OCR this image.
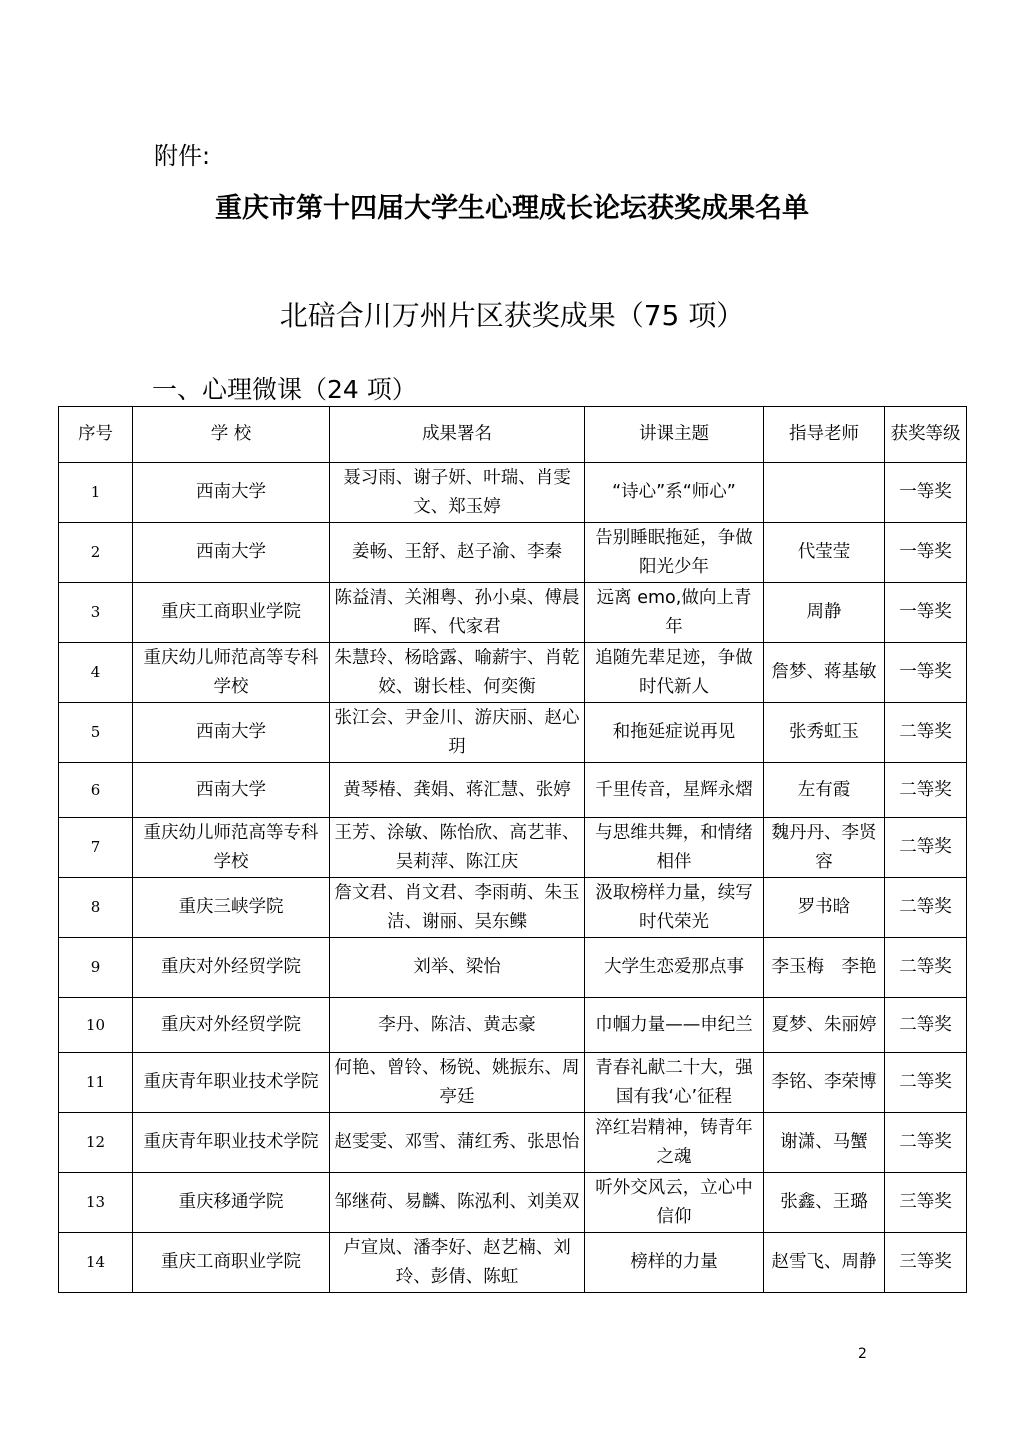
附件:
重庆市第十四届大学生心理成长论坛获奖成果名单
北碚合川万州片区获奖成果（75 项）
一、心理微课（24 项）
序号	学 校	成果署名	讲课主题	指导老师	获奖等级
1	西南大学	聂习雨、谢子妍、叶瑞、肖雯文、郑玉婷	“诗心”系“师心”		一等奖
2	西南大学	姜畅、王舒、赵子渝、李秦	告别睡眠拖延，争做阳光少年	代莹莹	一等奖
3	重庆工商职业学院	陈益清、关湘粤、孙小桌、傅晨晖、代家君	远离 emo,做向上青年	周静	一等奖
4	重庆幼儿师范高等专科学校	朱慧玲、杨晗露、喻薪宇、肖乾姣、谢长桂、何奕衡	追随先辈足迹，争做时代新人	詹梦、蒋基敏	一等奖
5	西南大学	张江会、尹金川、游庆丽、赵心玥	和拖延症说再见	张秀虹玉	二等奖
6	西南大学	黄琴椿、龚娟、蒋汇慧、张婷	千里传音，星辉永熠	左有霞	二等奖
7	重庆幼儿师范高等专科学校	王芳、涂敏、陈怡欣、高艺菲、吴莉萍、陈江庆	与思维共舞，和情绪相伴	魏丹丹、李贤容	二等奖
8	重庆三峡学院	詹文君、肖文君、李雨萌、朱玉洁、谢丽、吴东鲽	汲取榜样力量，续写时代荣光	罗书晗	二等奖
9	重庆对外经贸学院	刘举、梁怡	大学生恋爱那点事	李玉梅　李艳	二等奖
10	重庆对外经贸学院	李丹、陈洁、黄志豪	巾帼力量——申纪兰	夏梦、朱丽婷	二等奖
11	重庆青年职业技术学院	何艳、曾铃、杨锐、姚振东、周亭廷	青春礼献二十大，强国有我‘心’征程	李铭、李荣博	二等奖
12	重庆青年职业技术学院	赵雯雯、邓雪、蒲红秀、张思怡	淬红岩精神，铸青年之魂	谢潇、马蟹	二等奖
13	重庆移通学院	邹继荷、易麟、陈泓利、刘美双	听外交风云，立心中信仰	张鑫、王璐	三等奖
14	重庆工商职业学院	卢宣岚、潘李好、赵艺楠、刘玲、彭倩、陈虹	榜样的力量	赵雪飞、周静	三等奖
2
